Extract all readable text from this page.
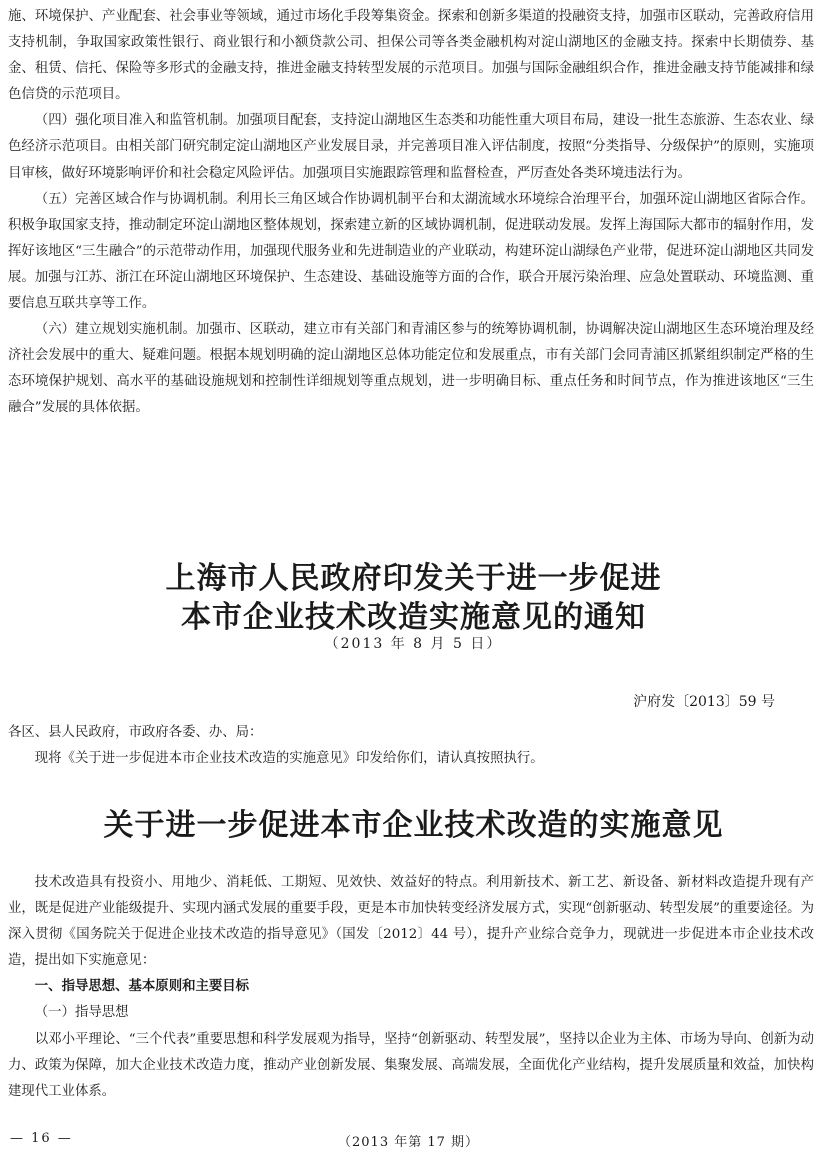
施、环境保护、产业配套、社会事业等领域，通过市场化手段筹集资金。探索和创新多渠道的投融资支持，加强市区联动，完善政府信用支持机制，争取国家政策性银行、商业银行和小额贷款公司、担保公司等各类金融机构对淀山湖地区的金融支持。探索中长期债券、基金、租赁、信托、保险等多形式的金融支持，推进金融支持转型发展的示范项目。加强与国际金融组织合作，推进金融支持节能减排和绿色信贷的示范项目。

（四）强化项目准入和监管机制。加强项目配套，支持淀山湖地区生态类和功能性重大项目布局，建设一批生态旅游、生态农业、绿色经济示范项目。由相关部门研究制定淀山湖地区产业发展目录，并完善项目准入评估制度，按照“分类指导、分级保护”的原则，实施项目审核，做好环境影响评价和社会稳定风险评估。加强项目实施跟踪管理和监督检查，严厉查处各类环境违法行为。

（五）完善区域合作与协调机制。利用长三角区域合作协调机制平台和太湖流域水环境综合治理平台，加强环淀山湖地区省际合作。积极争取国家支持，推动制定环淀山湖地区整体规划，探索建立新的区域协调机制，促进联动发展。发挥上海国际大都市的辐射作用，发挥好该地区“三生融合”的示范带动作用，加强现代服务业和先进制造业的产业联动，构建环淀山湖绿色产业带，促进环淀山湖地区共同发展。加强与江苏、浙江在环淀山湖地区环境保护、生态建设、基础设施等方面的合作，联合开展污染治理、应急处置联动、环境监测、重要信息互联共享等工作。

（六）建立规划实施机制。加强市、区联动，建立市有关部门和青浦区参与的统筹协调机制，协调解决淀山湖地区生态环境治理及经济社会发展中的重大、疑难问题。根据本规划明确的淀山湖地区总体功能定位和发展重点，市有关部门会同青浦区抓紧组织制定严格的生态环境保护规划、高水平的基础设施规划和控制性详细规划等重点规划，进一步明确目标、重点任务和时间节点，作为推进该地区“三生融合”发展的具体依据。

上海市人民政府印发关于进一步促进
本市企业技术改造实施意见的通知
（2013 年 8 月 5 日）
沪府发〔2013〕59 号

各区、县人民政府，市政府各委、办、局：

现将《关于进一步促进本市企业技术改造的实施意见》印发给你们，请认真按照执行。

关于进一步促进本市企业技术改造的实施意见

技术改造具有投资小、用地少、消耗低、工期短、见效快、效益好的特点。利用新技术、新工艺、新设备、新材料改造提升现有产业，既是促进产业能级提升、实现内涵式发展的重要手段，更是本市加快转变经济发展方式，实现“创新驱动、转型发展”的重要途径。为深入贯彻《国务院关于促进企业技术改造的指导意见》（国发〔2012〕44 号），提升产业综合竞争力，现就进一步促进本市企业技术改造，提出如下实施意见：

一、指导思想、基本原则和主要目标

（一）指导思想

以邓小平理论、“三个代表”重要思想和科学发展观为指导，坚持“创新驱动、转型发展”，坚持以企业为主体、市场为导向、创新为动力、政策为保障，加大企业技术改造力度，推动产业创新发展、集聚发展、高端发展，全面优化产业结构，提升发展质量和效益，加快构建现代工业体系。

— 16 —	（2013 年第 17 期）
